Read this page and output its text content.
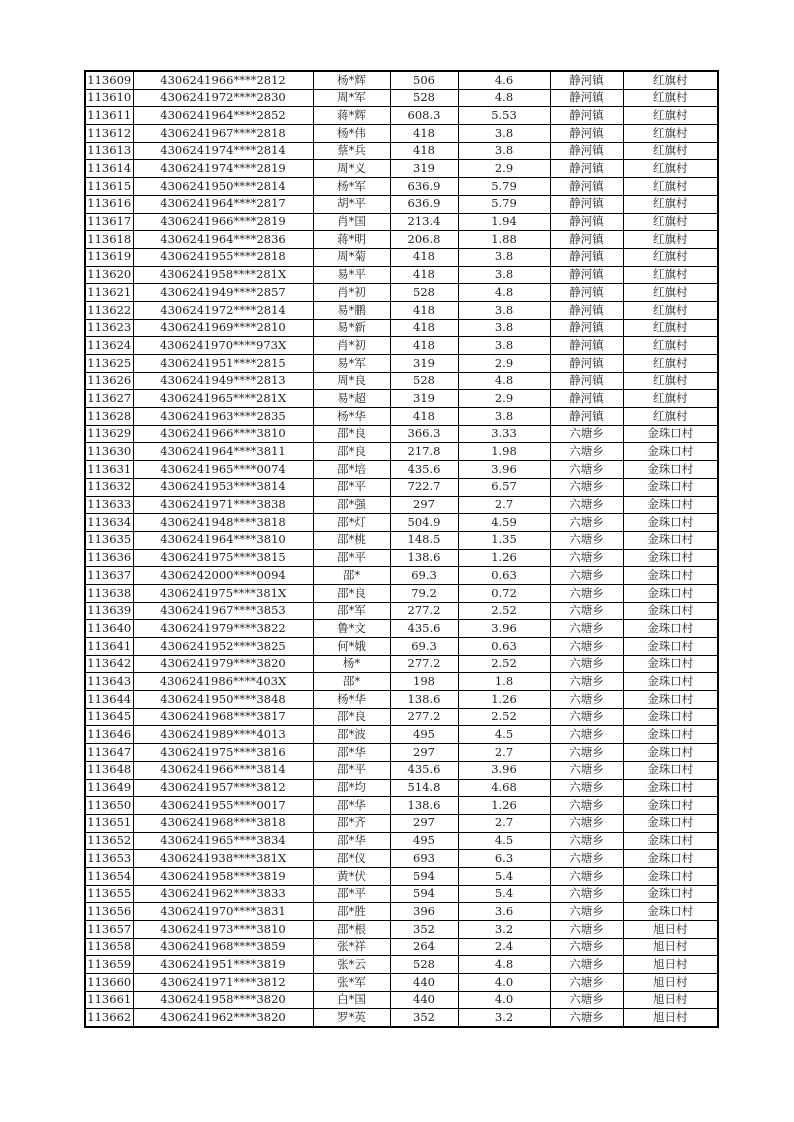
113609	4306241966****2812	杨*辉	506	4.6	静河镇	红旗村
113610	4306241972****2830	周*军	528	4.8	静河镇	红旗村
113611	4306241964****2852	蒋*辉	608.3	5.53	静河镇	红旗村
113612	4306241967****2818	杨*伟	418	3.8	静河镇	红旗村
113613	4306241974****2814	蔡*兵	418	3.8	静河镇	红旗村
113614	4306241974****2819	周*义	319	2.9	静河镇	红旗村
113615	4306241950****2814	杨*军	636.9	5.79	静河镇	红旗村
113616	4306241964****2817	胡*平	636.9	5.79	静河镇	红旗村
113617	4306241966****2819	肖*国	213.4	1.94	静河镇	红旗村
113618	4306241964****2836	蒋*明	206.8	1.88	静河镇	红旗村
113619	4306241955****2818	周*菊	418	3.8	静河镇	红旗村
113620	4306241958****281X	易*平	418	3.8	静河镇	红旗村
113621	4306241949****2857	肖*初	528	4.8	静河镇	红旗村
113622	4306241972****2814	易*鹏	418	3.8	静河镇	红旗村
113623	4306241969****2810	易*新	418	3.8	静河镇	红旗村
113624	4306241970****973X	肖*初	418	3.8	静河镇	红旗村
113625	4306241951****2815	易*军	319	2.9	静河镇	红旗村
113626	4306241949****2813	周*良	528	4.8	静河镇	红旗村
113627	4306241965****281X	易*超	319	2.9	静河镇	红旗村
113628	4306241963****2835	杨*华	418	3.8	静河镇	红旗村
113629	4306241966****3810	邵*良	366.3	3.33	六塘乡	金珠口村
113630	4306241964****3811	邵*良	217.8	1.98	六塘乡	金珠口村
113631	4306241965****0074	邵*培	435.6	3.96	六塘乡	金珠口村
113632	4306241953****3814	邵*平	722.7	6.57	六塘乡	金珠口村
113633	4306241971****3838	邵*强	297	2.7	六塘乡	金珠口村
113634	4306241948****3818	邵*灯	504.9	4.59	六塘乡	金珠口村
113635	4306241964****3810	邵*桃	148.5	1.35	六塘乡	金珠口村
113636	4306241975****3815	邵*平	138.6	1.26	六塘乡	金珠口村
113637	4306242000****0094	邵*	69.3	0.63	六塘乡	金珠口村
113638	4306241975****381X	邵*良	79.2	0.72	六塘乡	金珠口村
113639	4306241967****3853	邵*军	277.2	2.52	六塘乡	金珠口村
113640	4306241979****3822	鲁*文	435.6	3.96	六塘乡	金珠口村
113641	4306241952****3825	何*娥	69.3	0.63	六塘乡	金珠口村
113642	4306241979****3820	杨*	277.2	2.52	六塘乡	金珠口村
113643	4306241986****403X	邵*	198	1.8	六塘乡	金珠口村
113644	4306241950****3848	杨*华	138.6	1.26	六塘乡	金珠口村
113645	4306241968****3817	邵*良	277.2	2.52	六塘乡	金珠口村
113646	4306241989****4013	邵*波	495	4.5	六塘乡	金珠口村
113647	4306241975****3816	邵*华	297	2.7	六塘乡	金珠口村
113648	4306241966****3814	邵*平	435.6	3.96	六塘乡	金珠口村
113649	4306241957****3812	邵*均	514.8	4.68	六塘乡	金珠口村
113650	4306241955****0017	邵*华	138.6	1.26	六塘乡	金珠口村
113651	4306241968****3818	邵*齐	297	2.7	六塘乡	金珠口村
113652	4306241965****3834	邵*华	495	4.5	六塘乡	金珠口村
113653	4306241938****381X	邵*仪	693	6.3	六塘乡	金珠口村
113654	4306241958****3819	黄*伏	594	5.4	六塘乡	金珠口村
113655	4306241962****3833	邵*平	594	5.4	六塘乡	金珠口村
113656	4306241970****3831	邵*胜	396	3.6	六塘乡	金珠口村
113657	4306241973****3810	邵*根	352	3.2	六塘乡	旭日村
113658	4306241968****3859	张*祥	264	2.4	六塘乡	旭日村
113659	4306241951****3819	张*云	528	4.8	六塘乡	旭日村
113660	4306241971****3812	张*军	440	4.0	六塘乡	旭日村
113661	4306241958****3820	白*国	440	4.0	六塘乡	旭日村
113662	4306241962****3820	罗*英	352	3.2	六塘乡	旭日村
